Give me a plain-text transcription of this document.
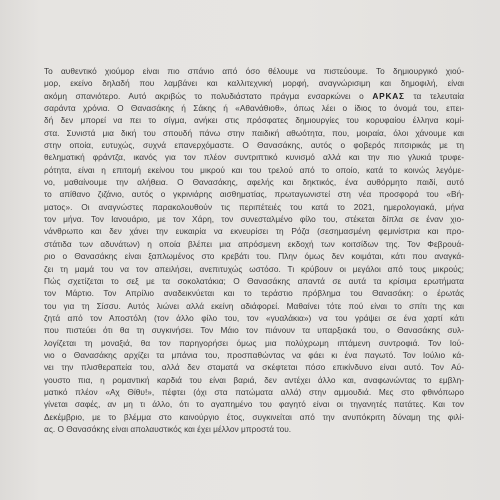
Το αυθεντικό χιούμορ είναι πιο σπάνιο από όσο θέλουμε να πιστεύουμε. Το δημιουργικό χιού-
μορ, εκείνο δηλαδή που λαμβάνει και καλλιτεχνική μορφή, αναγνώρισιμη και δημοφιλή, είναι
ακόμη σπανιότερο. Αυτό ακριβώς το πολυδιάστατο πράγμα ενσαρκώνει ο ΑΡΚΑΣ τα τελευταία
σαράντα χρόνια. Ο Θανασάκης ή Σάκης ή «Αθανάθιοθ», όπως λέει ο ίδιος το όνομά του, επει-
δή δεν μπορεί να πει το σίγμα, ανήκει στις πρόσφατες δημιουργίες του κορυφαίου έλληνα κομί-
στα. Συνιστά μια δική του σπουδή πάνω στην παιδική αθωότητα, που, μοιραία, όλοι χάνουμε και
στην οποία, ευτυχώς, συχνά επανερχόμαστε. Ο Θανασάκης, αυτός ο φοβερός πιτσιρικάς με τη
θεληματική φράντζα, ικανός για τον πλέον συντριπτικό κυνισμό αλλά και την πιο γλυκιά τρυφε-
ρότητα, είναι η επιτομή εκείνου του μικρού και του τρελού από το οποίο, κατά το κοινώς λεγόμε-
νο, μαθαίνουμε την αλήθεια. Ο Θανασάκης, αφελής και δηκτικός, ένα αυθόρμητο παιδί, αυτό
το απίθανο ζιζάνιο, αυτός ο γκρινιάρης αισθηματίας, πρωταγωνιστεί στη νέα προσφορά του «Βή-
ματος». Οι αναγνώστες παρακολουθούν τις περιπέτειές του κατά το 2021, ημερολογιακά, μήνα
τον μήνα. Τον Ιανουάριο, με τον Χάρη, τον συνεσταλμένο φίλο του, στέκεται δίπλα σε έναν χιο-
νάνθρωπο και δεν χάνει την ευκαιρία να εκνευρίσει τη Ρόζα (σεσημασμένη φεμινίστρια και προ-
στάτιδα των αδυνάτων) η οποία βλέπει μια απρόσμενη εκδοχή των κοιτσίδων της. Τον Φεβρουά-
ριο ο Θανασάκης είναι ξαπλωμένος στο κρεβάτι του. Πλην όμως δεν κοιμάται, κάτι που αναγκά-
ζει τη μαμά του να τον απειλήσει, ανεπιτυχώς ωστόσο. Τι κρύβουν οι μεγάλοι από τους μικρούς;
Πώς σχετίζεται το σεξ με τα σοκολατάκια; Ο Θανασάκης απαντά σε αυτά τα κρίσιμα ερωτήματα
τον Μάρτιο. Τον Απρίλιο αναδεικνύεται και το τεράστιο πρόβλημα του Θανασάκη: ο έρωτάς
του για τη Σίσσυ. Αυτός λιώνει αλλά εκείνη αδιάφορεί. Μαθαίνει τότε πού είναι το σπίτι της και
ζητά από τον Αποστόλη (τον άλλο φίλο του, τον «γυαλάκια») να του γράψει σε ένα χαρτί κάτι
που πιστεύει ότι θα τη συγκινήσει. Τον Μάιο τον πιάνουν τα υπαρξιακά του, ο Θανασάκης συλ-
λογίζεται τη μοναξιά, θα τον παρηγορήσει όμως μια πολύχρωμη ιπτάμενη συντροφιά. Τον Ιού-
νιο ο Θανασάκης αρχίζει τα μπάνια του, προσπαθώντας να φάει κι ένα παγωτό. Τον Ιούλιο κά-
νει την πλισθεραπεία του, αλλά δεν σταματά να σκέφτεται πόσο επικίνδυνο είναι αυτό. Τον Αύ-
γουστο πια, η ρομαντική καρδιά του είναι βαριά, δεν αντέχει άλλο και, αναφωνώντας το εμβλη-
ματικό πλέον «Αχ Θίθυ!», πέφτει (όχι στα πατώματα αλλά) στην αμμουδιά. Μες στο φθινόπωρο
γίνεται σαφές, αν μη τι άλλο, ότι το αγαπημένο του φαγητό είναι οι τηγανητές πατάτες. Και τον
Δεκέμβριο, με το βλέμμα στο καινούργιο έτος, συγκινείται από την ανυπόκριτη δύναμη της φιλί-
ας. Ο Θανασάκης είναι απολαυστικός και έχει μέλλον μπροστά του.
